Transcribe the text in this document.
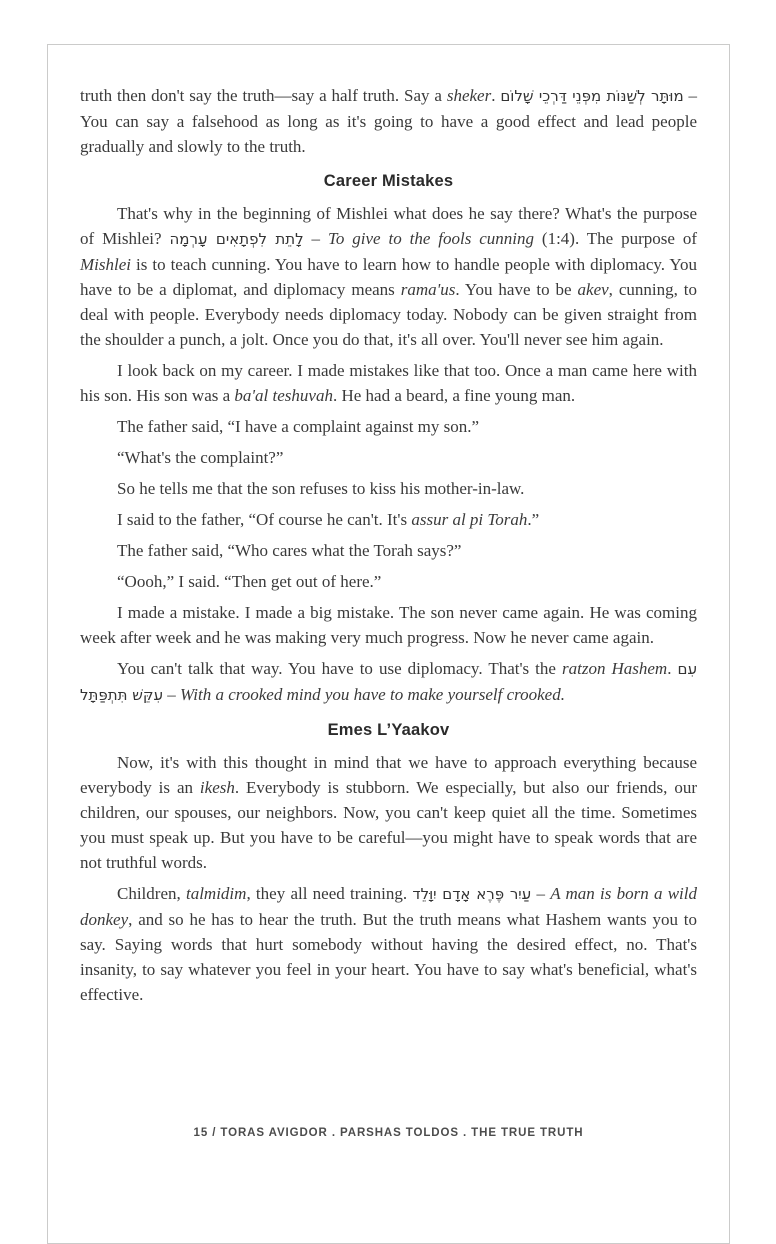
truth then don't say the truth—say a half truth. Say a sheker. מוּתָּר לְשַׁנּוֹת מִפְּנֵי דַּרְכֵי שָׁלוֹם – You can say a falsehood as long as it's going to have a good effect and lead people gradually and slowly to the truth.

Career Mistakes

That's why in the beginning of Mishlei what does he say there? What's the purpose of Mishlei? לָתֵת לִפְתָאִים עָרְמָה – To give to the fools cunning (1:4). The purpose of Mishlei is to teach cunning. You have to learn how to handle people with diplomacy. You have to be a diplomat, and diplomacy means rama'us. You have to be akev, cunning, to deal with people. Everybody needs diplomacy today. Nobody can be given straight from the shoulder a punch, a jolt. Once you do that, it's all over. You'll never see him again.

I look back on my career. I made mistakes like that too. Once a man came here with his son. His son was a ba'al teshuvah. He had a beard, a fine young man.

The father said, “I have a complaint against my son.”

“What's the complaint?”

So he tells me that the son refuses to kiss his mother-in-law.

I said to the father, “Of course he can't. It's assur al pi Torah.”

The father said, “Who cares what the Torah says?”

“Oooh,” I said. “Then get out of here.”

I made a mistake. I made a big mistake. The son never came again. He was coming week after week and he was making very much progress. Now he never came again.

You can't talk that way. You have to use diplomacy. That's the ratzon Hashem. עִם עִקֵּשׁ תִּתְפַּתָּל – With a crooked mind you have to make yourself crooked.

Emes L’Yaakov

Now, it's with this thought in mind that we have to approach everything because everybody is an ikesh. Everybody is stubborn. We especially, but also our friends, our children, our spouses, our neighbors. Now, you can't keep quiet all the time. Sometimes you must speak up. But you have to be careful—you might have to speak words that are not truthful words.

Children, talmidim, they all need training. עַיִר פֶּרֶא אָדָם יִוָּלֵד – A man is born a wild donkey, and so he has to hear the truth. But the truth means what Hashem wants you to say. Saying words that hurt somebody without having the desired effect, no. That's insanity, to say whatever you feel in your heart. You have to say what's beneficial, what's effective.

15 / TORAS AVIGDOR . PARSHAS TOLDOS . THE TRUE TRUTH
